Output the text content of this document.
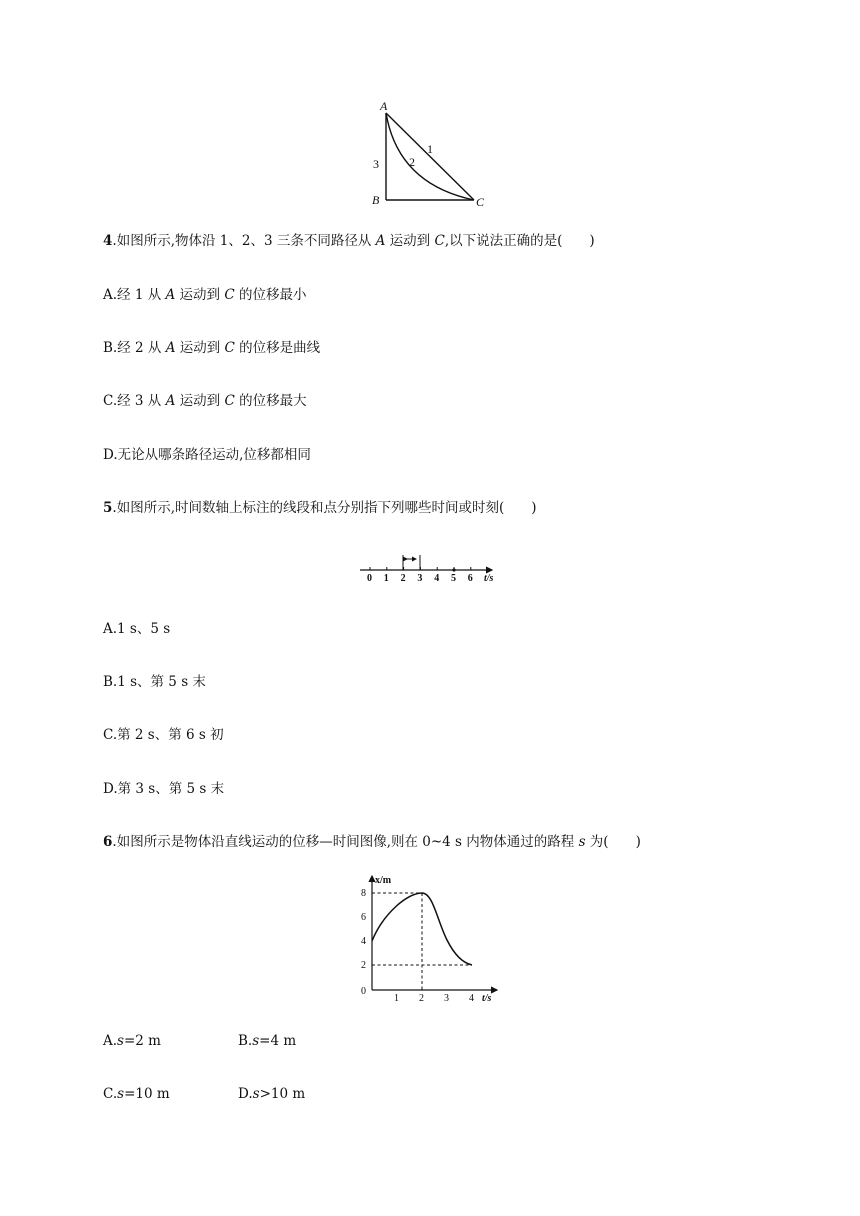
A
B	C
1
2
3
4.如图所示,物体沿 1、2、3 三条不同路径从 A 运动到 C,以下说法正确的是(　　)
A.经 1 从 A 运动到 C 的位移最小
B.经 2 从 A 运动到 C 的位移是曲线
C.经 3 从 A 运动到 C 的位移最大
D.无论从哪条路径运动,位移都相同
5.如图所示,时间数轴上标注的线段和点分别指下列哪些时间或时刻(　　)
0 1 2 3 4 5 6 t/s
A.1 s、5 s
B.1 s、第 5 s 末
C.第 2 s、第 6 s 初
D.第 3 s、第 5 s 末
6.如图所示是物体沿直线运动的位移—时间图像,则在 0~4 s 内物体通过的路程 s 为(　　)
x/m
8
6
4
2
0
1 2 3 4 t/s
A.s=2 m	B.s=4 m
C.s=10 m	D.s>10 m
